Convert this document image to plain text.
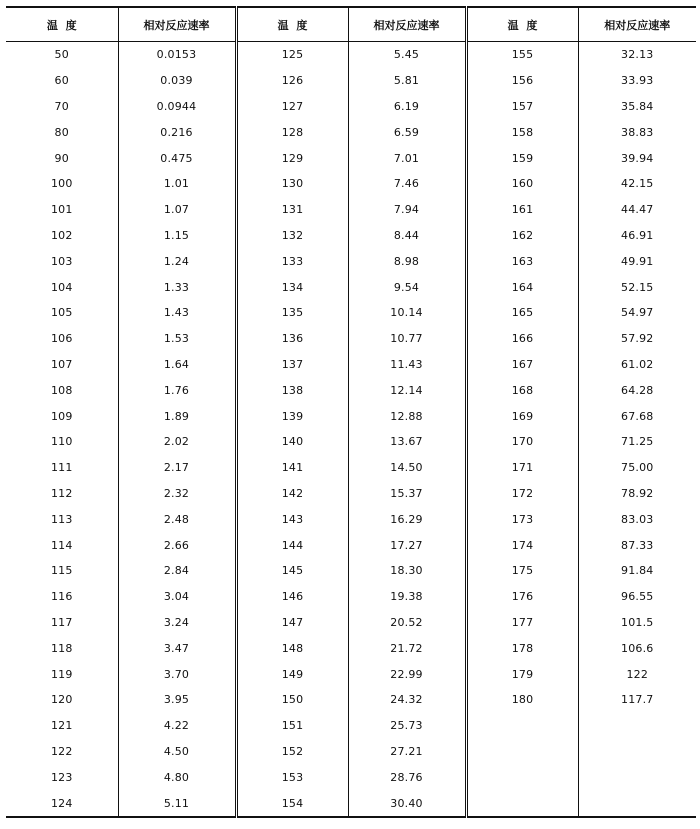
温  度	相对反应速率	温  度	相对反应速率	温  度	相对反应速率
50	0.0153	125	5.45	155	32.13
60	0.039	126	5.81	156	33.93
70	0.0944	127	6.19	157	35.84
80	0.216	128	6.59	158	38.83
90	0.475	129	7.01	159	39.94
100	1.01	130	7.46	160	42.15
101	1.07	131	7.94	161	44.47
102	1.15	132	8.44	162	46.91
103	1.24	133	8.98	163	49.91
104	1.33	134	9.54	164	52.15
105	1.43	135	10.14	165	54.97
106	1.53	136	10.77	166	57.92
107	1.64	137	11.43	167	61.02
108	1.76	138	12.14	168	64.28
109	1.89	139	12.88	169	67.68
110	2.02	140	13.67	170	71.25
111	2.17	141	14.50	171	75.00
112	2.32	142	15.37	172	78.92
113	2.48	143	16.29	173	83.03
114	2.66	144	17.27	174	87.33
115	2.84	145	18.30	175	91.84
116	3.04	146	19.38	176	96.55
117	3.24	147	20.52	177	101.5
118	3.47	148	21.72	178	106.6
119	3.70	149	22.99	179	122
120	3.95	150	24.32	180	117.7
121	4.22	151	25.73		
122	4.50	152	27.21		
123	4.80	153	28.76		
124	5.11	154	30.40		
